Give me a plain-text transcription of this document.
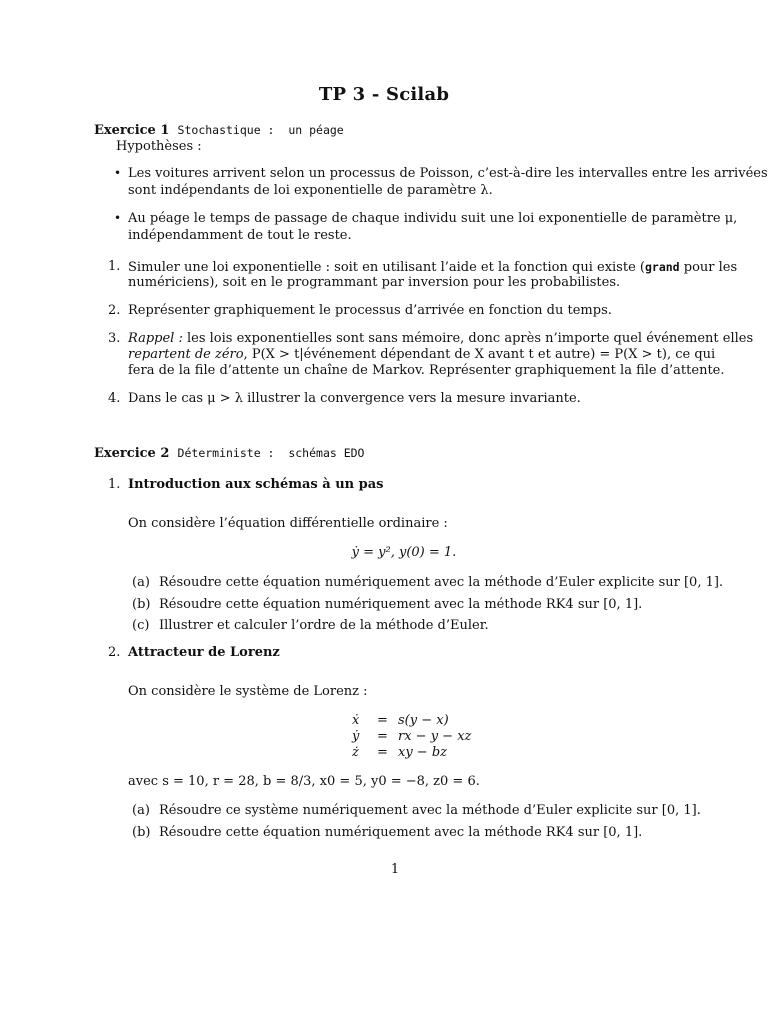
TP 3 - Scilab
Exercice 1 Stochastique :  un péage
Hypothèses :
• Les voitures arrivent selon un processus de Poisson, c’est-à-dire les intervalles entre les arrivées
sont indépendants de loi exponentielle de paramètre λ.
• Au péage le temps de passage de chaque individu suit une loi exponentielle de paramètre μ,
indépendamment de tout le reste.
1. Simuler une loi exponentielle : soit en utilisant l’aide et la fonction qui existe (grand pour les
numériciens), soit en le programmant par inversion pour les probabilistes.
2. Représenter graphiquement le processus d’arrivée en fonction du temps.
3. Rappel : les lois exponentielles sont sans mémoire, donc après n’importe quel événement elles
repartent de zéro, P(X > t|événement dépendant de X avant t et autre) = P(X > t), ce qui
fera de la file d’attente un chaîne de Markov. Représenter graphiquement la file d’attente.
4. Dans le cas μ > λ illustrer la convergence vers la mesure invariante.
Exercice 2 Déterministe :  schémas EDO
1. Introduction aux schémas à un pas
On considère l’équation différentielle ordinaire :
ẏ = y², y(0) = 1.
(a) Résoudre cette équation numériquement avec la méthode d’Euler explicite sur [0, 1].
(b) Résoudre cette équation numériquement avec la méthode RK4 sur [0, 1].
(c) Illustrer et calculer l’ordre de la méthode d’Euler.
2. Attracteur de Lorenz
On considère le système de Lorenz :
ẋ = s(y − x)
ẏ = rx − y − xz
ż = xy − bz
avec s = 10, r = 28, b = 8/3, x0 = 5, y0 = −8, z0 = 6.
(a) Résoudre ce système numériquement avec la méthode d’Euler explicite sur [0, 1].
(b) Résoudre cette équation numériquement avec la méthode RK4 sur [0, 1].
1
